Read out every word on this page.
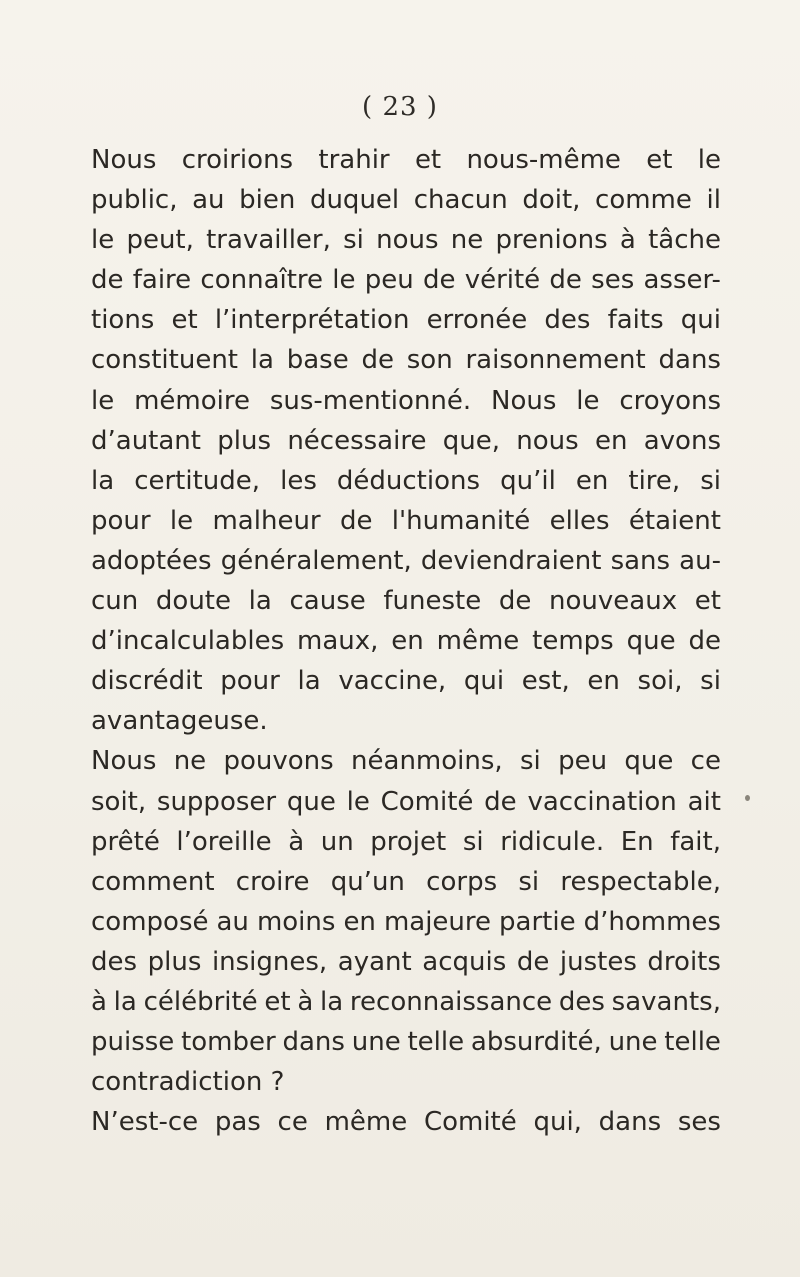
( 23 )
Nous croirions trahir et nous-même et le
public, au bien duquel chacun doit, comme il
le peut, travailler, si nous ne prenions à tâche
de faire connaître le peu de vérité de ses asser-
tions et l’interprétation erronée des faits qui
constituent la base de son raisonnement dans
le mémoire sus-mentionné. Nous le croyons
d’autant plus nécessaire que, nous en avons
la certitude, les déductions qu’il en tire, si
pour le malheur de l'humanité elles étaient
adoptées généralement, deviendraient sans au-
cun doute la cause funeste de nouveaux et
d’incalculables maux, en même temps que de
discrédit pour la vaccine, qui est, en soi, si
avantageuse.
Nous ne pouvons néanmoins, si peu que ce
soit, supposer que le Comité de vaccination ait
prêté l’oreille à un projet si ridicule. En fait,
comment croire qu’un corps si respectable,
composé au moins en majeure partie d’hommes
des plus insignes, ayant acquis de justes droits
à la célébrité et à la reconnaissance des savants,
puisse tomber dans une telle absurdité, une telle
contradiction ?
N’est-ce pas ce même Comité qui, dans ses
